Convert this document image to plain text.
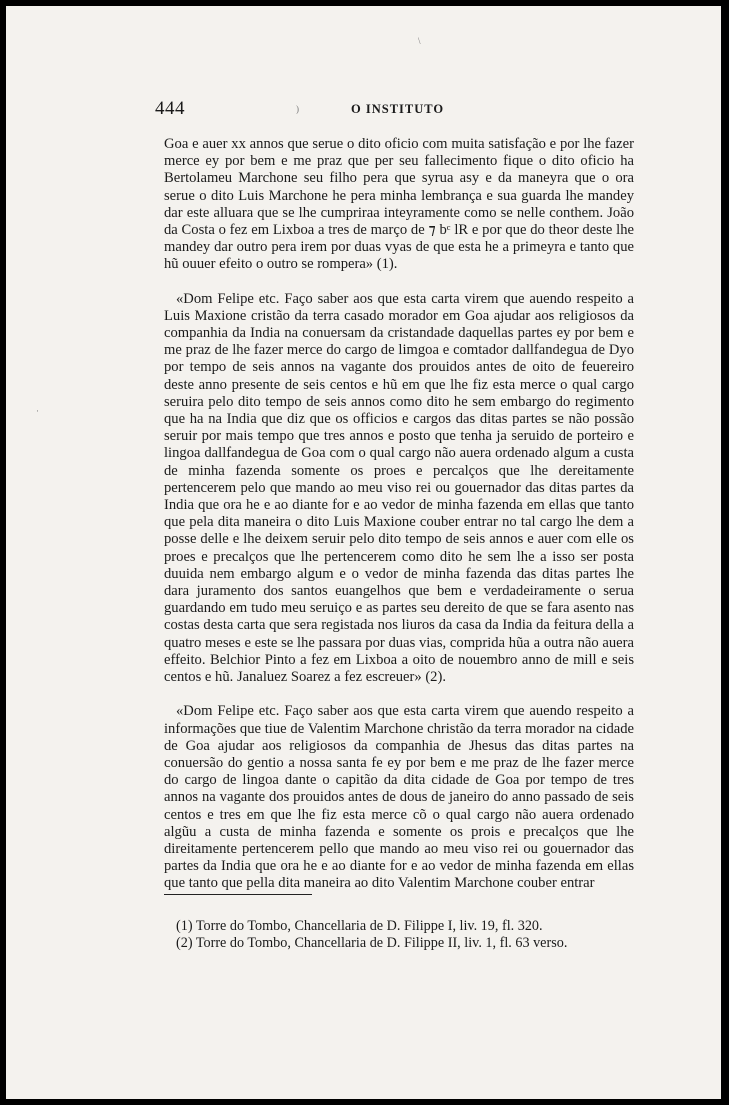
444	O INSTITUTO

Goa e auer xx annos que serue o dito oficio com muita satisfação e por lhe fazer merce ey por bem e me praz que per seu fallecimento fique o dito oficio ha Bertolameu Marchone seu filho pera que syrua asy e da maneyra que o ora serue o dito Luis Marchone he pera minha lembrança e sua guarda lhe mandey dar este alluara que se lhe cumpriraa inteyramente como se nelle conthem. João da Costa o fez em Lixboa a tres de março de ⁊ bᶜ lR e por que do theor deste lhe mandey dar outro pera irem por duas vyas de que esta he a primeyra e tanto que hũ ouuer efeito o outro se rompera» (1).

«Dom Felipe etc. Faço saber aos que esta carta virem que auendo respeito a Luis Maxione cristão da terra casado morador em Goa ajudar aos religiosos da companhia da India na conuersam da cristandade daquellas partes ey por bem e me praz de lhe fazer merce do cargo de limgoa e comtador dallfandegua de Dyo por tempo de seis annos na vagante dos prouidos antes de oito de feuereiro deste anno presente de seis centos e hũ em que lhe fiz esta merce o qual cargo seruira pelo dito tempo de seis annos como dito he sem embargo do regimento que ha na India que diz que os officios e cargos das ditas partes se não possão seruir por mais tempo que tres annos e posto que tenha ja seruido de porteiro e lingoa dallfandegua de Goa com o qual cargo não auera ordenado algum a custa de minha fazenda somente os proes e percalços que lhe dereitamente pertencerem pelo que mando ao meu viso rei ou gouernador das ditas partes da India que ora he e ao diante for e ao vedor de minha fazenda em ellas que tanto que pela dita maneira o dito Luis Maxione couber entrar no tal cargo lhe dem a posse delle e lhe deixem seruir pelo dito tempo de seis annos e auer com elle os proes e precalços que lhe pertencerem como dito he sem lhe a isso ser posta duuida nem embargo algum e o vedor de minha fazenda das ditas partes lhe dara juramento dos santos euangelhos que bem e verdadeiramente o serua guardando em tudo meu seruiço e as partes seu dereito de que se fara asento nas costas desta carta que sera registada nos liuros da casa da India da feitura della a quatro meses e este se lhe passara por duas vias, comprida hũa a outra não auera effeito. Belchior Pinto a fez em Lixboa a oito de nouembro anno de mill e seis centos e hũ. Janaluez Soarez a fez escreuer» (2).

«Dom Felipe etc. Faço saber aos que esta carta virem que auendo respeito a informações que tiue de Valentim Marchone christão da terra morador na cidade de Goa ajudar aos religiosos da companhia de Jhesus das ditas partes na conuersão do gentio a nossa santa fe ey por bem e me praz de lhe fazer merce do cargo de lingoa dante o capitão da dita cidade de Goa por tempo de tres annos na vagante dos prouidos antes de dous de janeiro do anno passado de seis centos e tres em que lhe fiz esta merce cõ o qual cargo não auera ordenado algũu a custa de minha fazenda e somente os prois e precalços que lhe direitamente pertencerem pello que mando ao meu viso rei ou gouernador das partes da India que ora he e ao diante for e ao vedor de minha fazenda em ellas que tanto que pella dita maneira ao dito Valentim Marchone couber entrar

(1) Torre do Tombo, Chancellaria de D. Filippe I, liv. 19, fl. 320.

(2) Torre do Tombo, Chancellaria de D. Filippe II, liv. 1, fl. 63 verso.

\
)
·
